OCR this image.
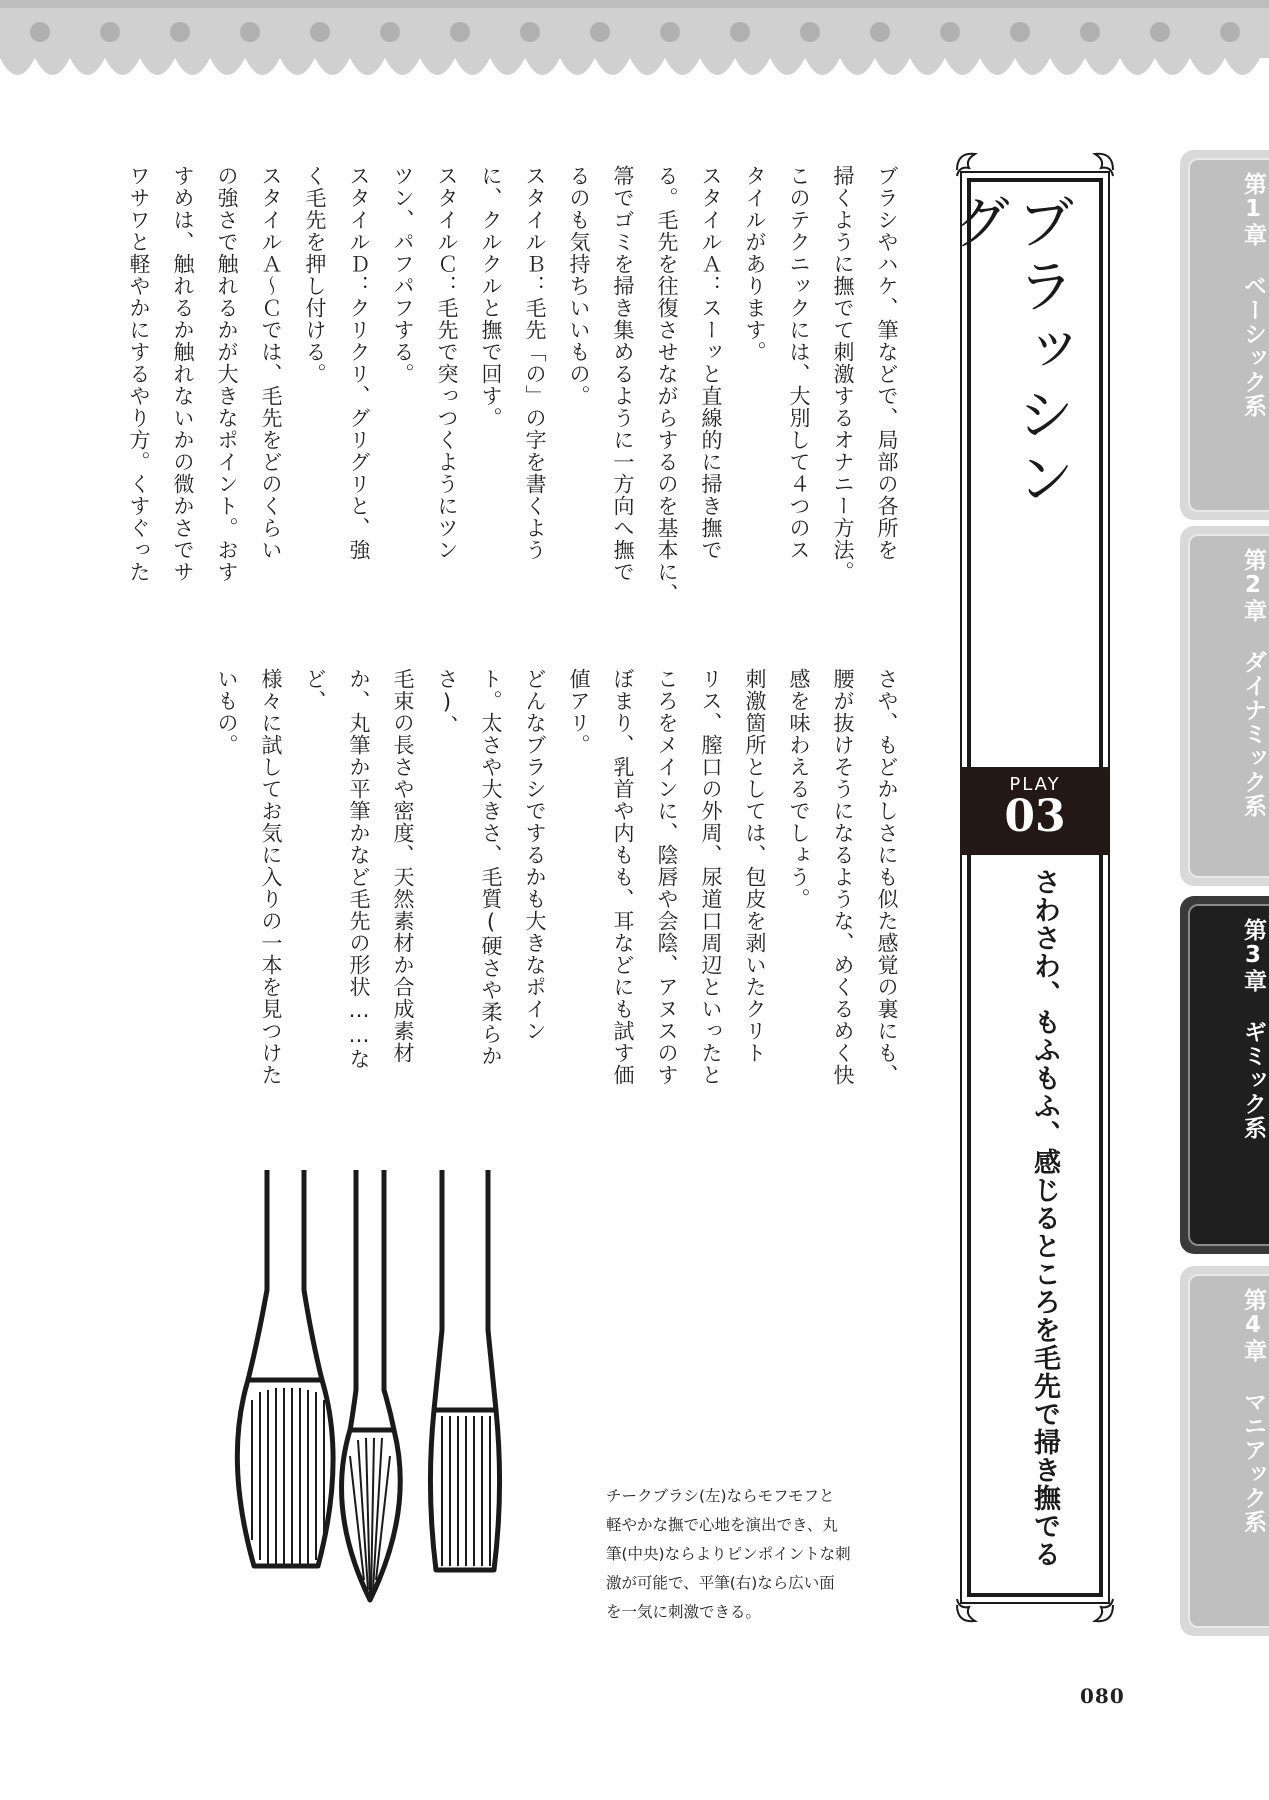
ブラッシング
PLAY
03
さわさわ、もふもふ、感じるところを毛先で掃き撫でる
ブラシやハケ、筆などで、局部の各所を
掃くように撫でて刺激するオナニー方法。
このテクニックには、大別して４つのス
タイルがあります。
スタイルＡ：スーッと直線的に掃き撫で
る。毛先を往復させながらするのを基本に、
箒でゴミを掃き集めるように一方向へ撫で
るのも気持ちいいもの。
スタイルＢ：毛先「の」の字を書くよう
に、クルクルと撫で回す。
スタイルＣ：毛先で突っつくようにツン
ツン、パフパフする。
スタイルＤ：クリクリ、グリグリと、強
く毛先を押し付ける。
スタイルＡ～Ｃでは、毛先をどのくらい
の強さで触れるかが大きなポイント。おす
すめは、触れるか触れないかの微かさでサ
ワサワと軽やかにするやり方。くすぐった
さや、もどかしさにも似た感覚の裏にも、
腰が抜けそうになるような、めくるめく快
感を味わえるでしょう。
刺激箇所としては、包皮を剥いたクリト
リス、膣口の外周、尿道口周辺といったと
ころをメインに、陰唇や会陰、アヌスのす
ぼまり、乳首や内もも、耳などにも試す価
値アリ。
どんなブラシでするかも大きなポイン
ト。太さや大きさ、毛質(硬さや柔らかさ)、
毛束の長さや密度、天然素材か合成素材
か、丸筆か平筆かなど毛先の形状……など、
様々に試してお気に入りの一本を見つけた
いもの。
第1章 ベーシック系
第2章 ダイナミック系
第3章 ギミック系
第4章 マニアック系
チークブラシ(左)ならモフモフと
軽やかな撫で心地を演出でき、丸
筆(中央)ならよりピンポイントな刺
激が可能で、平筆(右)なら広い面
を一気に刺激できる。
080
